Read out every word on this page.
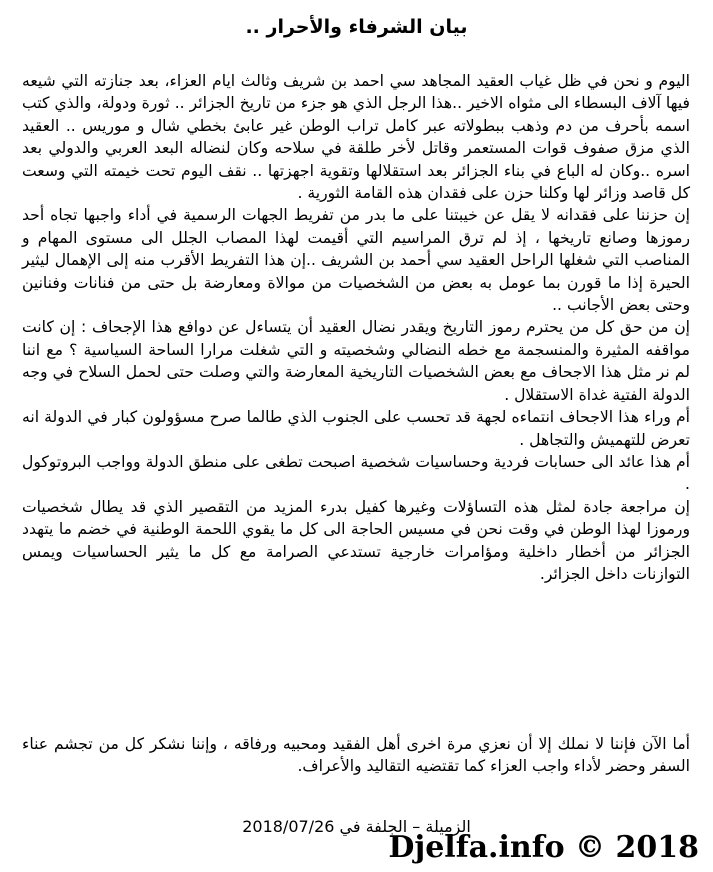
بيان الشرفاء والأحرار ..

اليوم و نحن في ظل غياب العقيد المجاهد سي احمد بن شريف وثالث ايام العزاء، بعد جنازته التي شيعه فيها آلاف البسطاء الى مثواه الاخير ..هذا الرجل الذي هو جزء من تاريخ الجزائر .. ثورة ودولة، والذي كتب اسمه بأحرف من دم وذهب ببطولاته عبر كامل تراب الوطن غير عابئ بخطي شال و موريس .. العقيد الذي مزق صفوف قوات المستعمر وقاتل لأخر طلقة في سلاحه وكان لنضاله البعد العربي والدولي بعد اسره ..وكان له الباع في بناء الجزائر بعد استقلالها وتقوية اجهزتها .. نقف اليوم تحت خيمته التي وسعت كل قاصد وزائر لها وكلنا حزن على فقدان هذه القامة الثورية .

إن حزننا على فقدانه لا يقل عن خيبتنا على ما بدر من تفريط الجهات الرسمية في أداء واجبها تجاه أحد رموزها وصانع تاريخها ، إذ لم ترق المراسيم التي أقيمت لهذا المصاب الجلل الى مستوى المهام و المناصب التي شغلها الراحل العقيد سي أحمد بن الشريف ..إن هذا التفريط الأقرب منه إلى الإهمال ليثير الحيرة إذا ما قورن بما عومل به بعض من الشخصيات من موالاة ومعارضة بل حتى من فنانات وفنانين وحتى بعض الأجانب ..

إن من حق كل من يحترم رموز التاريخ ويقدر نضال العقيد أن يتساءل عن دوافع هذا الإجحاف : إن كانت مواقفه المثيرة والمنسجمة مع خطه النضالي وشخصيته و التي شغلت مرارا الساحة السياسية ؟ مع اننا لم نر مثل هذا الاجحاف مع بعض الشخصيات التاريخية المعارضة والتي وصلت حتى لحمل السلاح في وجه الدولة الفتية غداة الاستقلال .

أم وراء هذا الاجحاف انتماءه لجهة قد تحسب على الجنوب الذي طالما صرح مسؤولون كبار في الدولة انه تعرض للتهميش والتجاهل .

أم هذا عائد الى حسابات فردية وحساسيات شخصية اصبحت تطغى على منطق الدولة وواجب البروتوكول .

إن مراجعة جادة لمثل هذه التساؤلات وغيرها كفيل بدرء المزيد من التقصير الذي قد يطال شخصيات ورموزا لهذا الوطن في وقت نحن في مسيس الحاجة الى كل ما يقوي اللحمة الوطنية في خضم ما يتهدد الجزائر من أخطار داخلية ومؤامرات خارجية تستدعي الصرامة مع كل ما يثير الحساسيات ويمس التوازنات داخل الجزائر.

أما الآن فإننا لا نملك إلا أن نعزي مرة اخرى أهل الفقيد ومحبيه ورفاقه ، وإننا نشكر كل من تجشم عناء السفر وحضر لأداء واجب العزاء كما تقتضيه التقاليد والأعراف.

الزميلة – الجلفة في 2018/07/26
Djelfa.info © 2018
